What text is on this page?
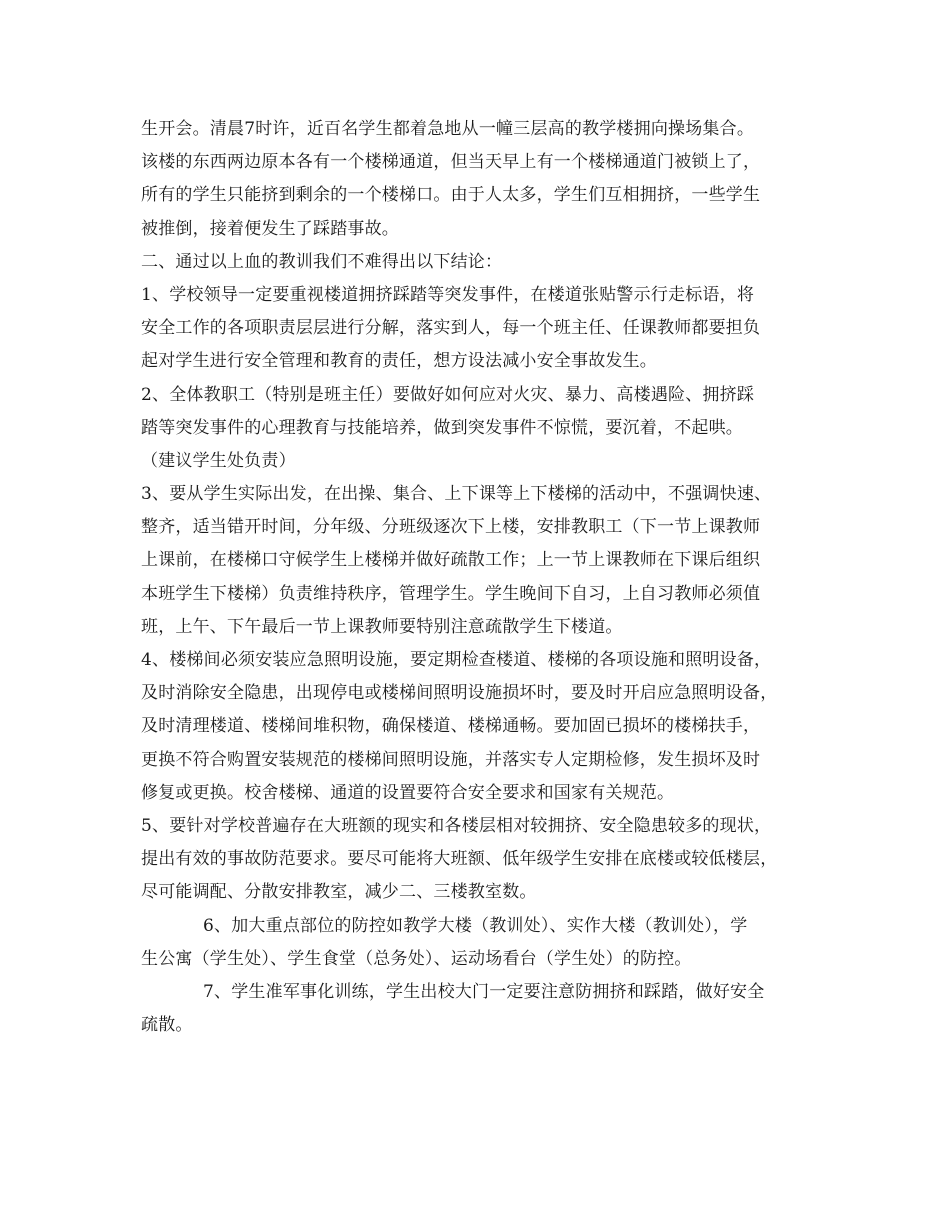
生开会。清晨7时许，近百名学生都着急地从一幢三层高的教学楼拥向操场集合。
该楼的东西两边原本各有一个楼梯通道，但当天早上有一个楼梯通道门被锁上了，
所有的学生只能挤到剩余的一个楼梯口。由于人太多，学生们互相拥挤，一些学生
被推倒，接着便发生了踩踏事故。
二、通过以上血的教训我们不难得出以下结论：
1、学校领导一定要重视楼道拥挤踩踏等突发事件，在楼道张贴警示行走标语，将
安全工作的各项职责层层进行分解，落实到人，每一个班主任、任课教师都要担负
起对学生进行安全管理和教育的责任，想方设法减小安全事故发生。
2、全体教职工（特别是班主任）要做好如何应对火灾、暴力、高楼遇险、拥挤踩
踏等突发事件的心理教育与技能培养，做到突发事件不惊慌，要沉着，不起哄。
（建议学生处负责）
3、要从学生实际出发，在出操、集合、上下课等上下楼梯的活动中，不强调快速、
整齐，适当错开时间，分年级、分班级逐次下上楼，安排教职工（下一节上课教师
上课前，在楼梯口守候学生上楼梯并做好疏散工作；上一节上课教师在下课后组织
本班学生下楼梯）负责维持秩序，管理学生。学生晚间下自习，上自习教师必须值
班，上午、下午最后一节上课教师要特别注意疏散学生下楼道。
4、楼梯间必须安装应急照明设施，要定期检查楼道、楼梯的各项设施和照明设备，
及时消除安全隐患，出现停电或楼梯间照明设施损坏时，要及时开启应急照明设备，
及时清理楼道、楼梯间堆积物，确保楼道、楼梯通畅。要加固已损坏的楼梯扶手，
更换不符合购置安装规范的楼梯间照明设施，并落实专人定期检修，发生损坏及时
修复或更换。校舍楼梯、通道的设置要符合安全要求和国家有关规范。
5、要针对学校普遍存在大班额的现实和各楼层相对较拥挤、安全隐患较多的现状，
提出有效的事故防范要求。要尽可能将大班额、低年级学生安排在底楼或较低楼层，
尽可能调配、分散安排教室，减少二、三楼教室数。
6、加大重点部位的防控如教学大楼（教训处）、实作大楼（教训处），学
生公寓（学生处）、学生食堂（总务处）、运动场看台（学生处）的防控。
7、学生准军事化训练，学生出校大门一定要注意防拥挤和踩踏，做好安全
疏散。
